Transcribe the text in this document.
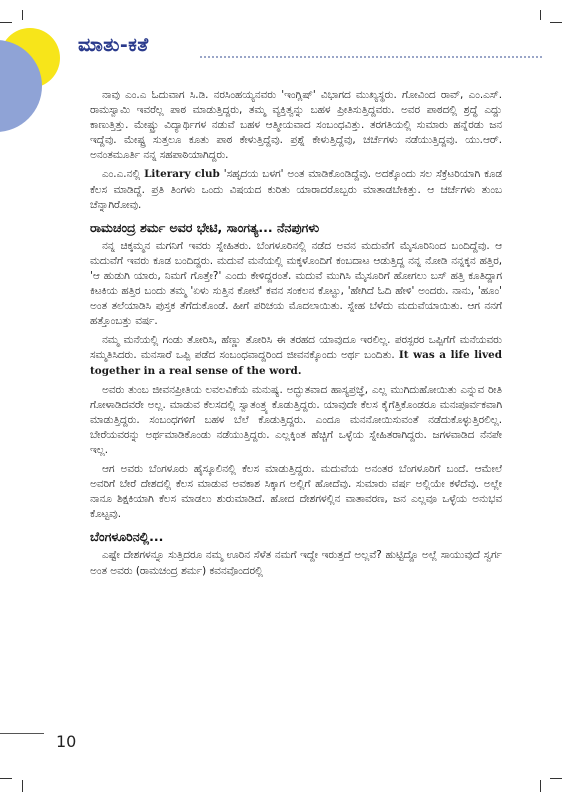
ಮಾತು-ಕತೆ

ನಾವು ಎಂ.ಎ ಓದುವಾಗ ಸಿ.ಡಿ. ನರಸಿಂಹಯ್ಯನವರು 'ಇಂಗ್ಲಿಷ್' ವಿಭಾಗದ ಮುಖ್ಯಸ್ಥರು. ಗೋವಿಂದ ರಾವ್, ಎಂ.ಎಸ್. ರಾಮಸ್ವಾಮಿ ಇವರೆಲ್ಲ ಪಾಠ ಮಾಡುತ್ತಿದ್ದರು, ತಮ್ಮ ವ್ಯಕ್ತಿತ್ವನ್ನು ಬಹಳ ಪ್ರೀತಿಸುತ್ತಿದ್ದವರು. ಅವರ ಪಾಠದಲ್ಲಿ ಶ್ರದ್ಧೆ ಎದ್ದು ಕಾಣುತ್ತಿತ್ತು. ಮೇಷ್ಟ್ರು ವಿದ್ಯಾರ್ಥಿಗಳ ನಡುವೆ ಬಹಳ ಆತ್ಮೀಯವಾದ ಸಂಬಂಧವಿತ್ತು. ತರಗತಿಯಲ್ಲಿ ಸುಮಾರು ಹನ್ನೆರಡು ಜನ ಇದ್ದೆವು. ಮೇಷ್ಟ್ರ ಸುತ್ತಲೂ ಕೂತು ಪಾಠ ಕೇಳುತ್ತಿದ್ದೆವು. ಪ್ರಶ್ನೆ ಕೇಳುತ್ತಿದ್ದೆವು, ಚರ್ಚೆಗಳು ನಡೆಯುತ್ತಿದ್ದವು. ಯು.ಆರ್. ಅನಂತಮೂರ್ತಿ ನನ್ನ ಸಹಪಾಠಿಯಾಗಿದ್ದರು.

ಎಂ.ಎ.ನಲ್ಲಿ Literary club 'ಸಹೃದಯ ಬಳಗ' ಅಂತ ಮಾಡಿಕೊಂಡಿದ್ದೆವು. ಅದಕ್ಕೊಂದು ಸಲ ಸೆಕ್ರೆಟರಿಯಾಗಿ ಕೂಡ ಕೆಲಸ ಮಾಡಿದ್ದೆ. ಪ್ರತಿ ತಿಂಗಳು ಒಂದು ವಿಷಯದ ಕುರಿತು ಯಾರಾದರೊಬ್ಬರು ಮಾತಾಡಬೇಕಿತ್ತು. ಆ ಚರ್ಚೆಗಳು ತುಂಬ ಚೆನ್ನಾಗಿರೋವು.

ರಾಮಚಂದ್ರ ಶರ್ಮ ಅವರ ಭೇಟಿ, ಸಾಂಗತ್ಯ... ನೆನಪುಗಳು

ನನ್ನ ಚಿಕ್ಕಮ್ಮನ ಮಗನಿಗೆ ಇವರು ಸ್ನೇಹಿತರು. ಬೆಂಗಳೂರಿನಲ್ಲಿ ನಡೆದ ಅವನ ಮದುವೆಗೆ ಮೈಸೂರಿನಿಂದ ಬಂದಿದ್ದೆವು. ಆ ಮದುವೆಗೆ ಇವರು ಕೂಡ ಬಂದಿದ್ದರು. ಮದುವೆ ಮನೆಯಲ್ಲಿ ಮಕ್ಕಳೊಂದಿಗೆ ಕಂಬದಾಟ ಆಡುತ್ತಿದ್ದ ನನ್ನ ನೋಡಿ ನನ್ನಕ್ಕನ ಹತ್ತಿರ, 'ಆ ಹುಡುಗಿ ಯಾರು, ನಿಮಗೆ ಗೊತ್ತೇ?' ಎಂದು ಕೇಳಿದ್ದರಂತೆ. ಮದುವೆ ಮುಗಿಸಿ ಮೈಸೂರಿಗೆ ಹೋಗಲು ಬಸ್ ಹತ್ತಿ ಕೂತಿದ್ದಾಗ ಕಿಟಕಿಯ ಹತ್ತಿರ ಬಂದು ತಮ್ಮ 'ಏಳು ಸುತ್ತಿನ ಕೋಟೆ' ಕವನ ಸಂಕಲನ ಕೊಟ್ಟು, 'ಹೇಗಿದೆ ಓದಿ ಹೇಳಿ' ಅಂದರು. ನಾನು, 'ಹೂಂ' ಅಂತ ತಲೆಯಾಡಿಸಿ ಪುಸ್ತಕ ತೆಗೆದುಕೊಂಡೆ. ಹೀಗೆ ಪರಿಚಯ ಮೊದಲಾಯಿತು. ಸ್ನೇಹ ಬೆಳೆದು ಮದುವೆಯಾಯಿತು. ಆಗ ನನಗೆ ಹತ್ತೊಂಬತ್ತು ವರ್ಷ.

ನಮ್ಮ ಮನೆಯಲ್ಲಿ ಗಂಡು ತೋರಿಸಿ, ಹೆಣ್ಣು ತೋರಿಸಿ ಈ ತರಹದ ಯಾವುದೂ ಇರಲಿಲ್ಲ. ಪರಸ್ಪರರ ಒಪ್ಪಿಗೆಗೆ ಮನೆಯವರು ಸಮ್ಮತಿಸಿದರು. ಮನಸಾರೆ ಒಪ್ಪಿ ಪಡೆದ ಸಂಬಂಧವಾದ್ದರಿಂದ ಜೀವನಕ್ಕೊಂದು ಅರ್ಥ ಬಂದಿತು. It was a life lived together in a real sense of the word.

ಅವರು ತುಂಬ ಜೀವನಪ್ರೀತಿಯ ಲವಲವಿಕೆಯ ಮನುಷ್ಯ. ಅದ್ಭುತವಾದ ಹಾಸ್ಯಪ್ರಜ್ಞೆ, ಎಲ್ಲ ಮುಗಿದುಹೋಯಿತು ಎನ್ನುವ ರೀತಿ ಗೋಳಾಡಿದವರೇ ಅಲ್ಲ. ಮಾಡುವ ಕೆಲಸದಲ್ಲಿ ಸ್ವಾತಂತ್ರ್ಯ ಕೊಡುತ್ತಿದ್ದರು. ಯಾವುದೇ ಕೆಲಸ ಕೈಗೆತ್ತಿಕೊಂಡರೂ ಮನಃಪೂರ್ವಕವಾಗಿ ಮಾಡುತ್ತಿದ್ದರು. ಸಂಬಂಧಗಳಿಗೆ ಬಹಳ ಬೆಲೆ ಕೊಡುತ್ತಿದ್ದರು. ಎಂದೂ ಮನನೋಯಿಸುವಂತೆ ನಡೆದುಕೊಳ್ಳುತ್ತಿರಲಿಲ್ಲ. ಬೇರೆಯವರನ್ನು ಅರ್ಥಮಾಡಿಕೊಂಡು ನಡೆಯುತ್ತಿದ್ದರು. ಎಲ್ಲಕ್ಕಿಂತ ಹೆಚ್ಚಿಗೆ ಒಳ್ಳೆಯ ಸ್ನೇಹಿತರಾಗಿದ್ದರು. ಜಗಳವಾಡಿದ ನೆನಪೇ ಇಲ್ಲ.

ಆಗ ಅವರು ಬೆಂಗಳೂರು ಹೈಸ್ಕೂಲಿನಲ್ಲಿ ಕೆಲಸ ಮಾಡುತ್ತಿದ್ದರು. ಮದುವೆಯ ಅನಂತರ ಬೆಂಗಳೂರಿಗೆ ಬಂದೆ. ಆಮೇಲೆ ಅವರಿಗೆ ಬೇರೆ ದೇಶದಲ್ಲಿ ಕೆಲಸ ಮಾಡುವ ಅವಕಾಶ ಸಿಕ್ಕಾಗ ಅಲ್ಲಿಗೆ ಹೋದೆವು. ಸುಮಾರು ವರ್ಷ ಅಲ್ಲಿಯೇ ಕಳೆದೆವು. ಅಲ್ಲೇ ನಾನೂ ಶಿಕ್ಷಕಿಯಾಗಿ ಕೆಲಸ ಮಾಡಲು ಶುರುಮಾಡಿದೆ. ಹೋದ ದೇಶಗಳಲ್ಲಿನ ವಾತಾವರಣ, ಜನ ಎಲ್ಲವೂ ಒಳ್ಳೆಯ ಅನುಭವ ಕೊಟ್ಟವು.

ಬೆಂಗಳೂರಿನಲ್ಲಿ...

ಎಷ್ಟೇ ದೇಶಗಳನ್ನೂ ಸುತ್ತಿದರೂ ನಮ್ಮ ಊರಿನ ಸೆಳೆತ ನಮಗೆ ಇದ್ದೇ ಇರುತ್ತದೆ ಅಲ್ಲವೆ? ಹುಟ್ಟಿದ್ದೊ ಅಲ್ಲೆ ಸಾಯುವುದೆ ಸ್ವರ್ಗ ಅಂತ ಅವರು (ರಾಮಚಂದ್ರ ಶರ್ಮ) ಕವನವೊಂದರಲ್ಲಿ

10
